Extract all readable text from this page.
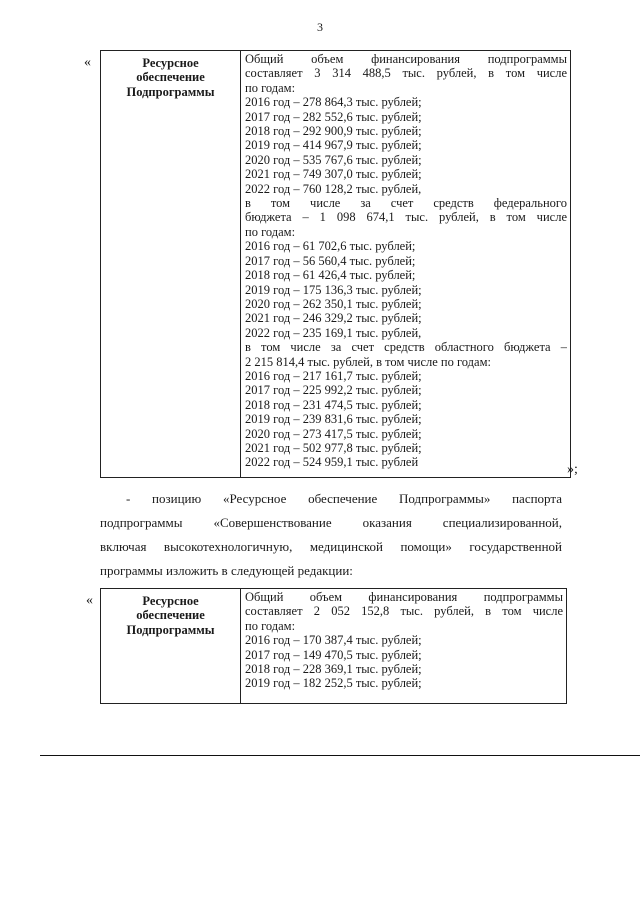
3
«	Ресурсное
обеспечение
Подпрограммы

Общий объем финансирования подпрограммы
составляет 3 314 488,5 тыс. рублей, в том числе
по годам:
2016 год – 278 864,3 тыс. рублей;
2017 год – 282 552,6 тыс. рублей;
2018 год – 292 900,9 тыс. рублей;
2019 год – 414 967,9 тыс. рублей;
2020 год – 535 767,6 тыс. рублей;
2021 год – 749 307,0 тыс. рублей;
2022 год – 760 128,2 тыс. рублей,
в том числе за счет средств федерального
бюджета – 1 098 674,1 тыс. рублей, в том числе
по годам:
2016 год – 61 702,6 тыс. рублей;
2017 год – 56 560,4 тыс. рублей;
2018 год – 61 426,4 тыс. рублей;
2019 год – 175 136,3 тыс. рублей;
2020 год – 262 350,1 тыс. рублей;
2021 год – 246 329,2 тыс. рублей;
2022 год – 235 169,1 тыс. рублей,
в том числе за счет средств областного бюджета –
2 215 814,4 тыс. рублей, в том числе по годам:
2016 год – 217 161,7 тыс. рублей;
2017 год – 225 992,2 тыс. рублей;
2018 год – 231 474,5 тыс. рублей;
2019 год – 239 831,6 тыс. рублей;
2020 год – 273 417,5 тыс. рублей;
2021 год – 502 977,8 тыс. рублей;
2022 год – 524 959,1 тыс. рублей	»;
- позицию «Ресурсное обеспечение Подпрограммы» паспорта
подпрограммы «Совершенствование оказания специализированной,
включая высокотехнологичную, медицинской помощи» государственной
программы изложить в следующей редакции:
«	Ресурсное
обеспечение
Подпрограммы

Общий объем финансирования подпрограммы
составляет 2 052 152,8 тыс. рублей, в том числе
по годам:
2016 год – 170 387,4 тыс. рублей;
2017 год – 149 470,5 тыс. рублей;
2018 год – 228 369,1 тыс. рублей;
2019 год – 182 252,5 тыс. рублей;
